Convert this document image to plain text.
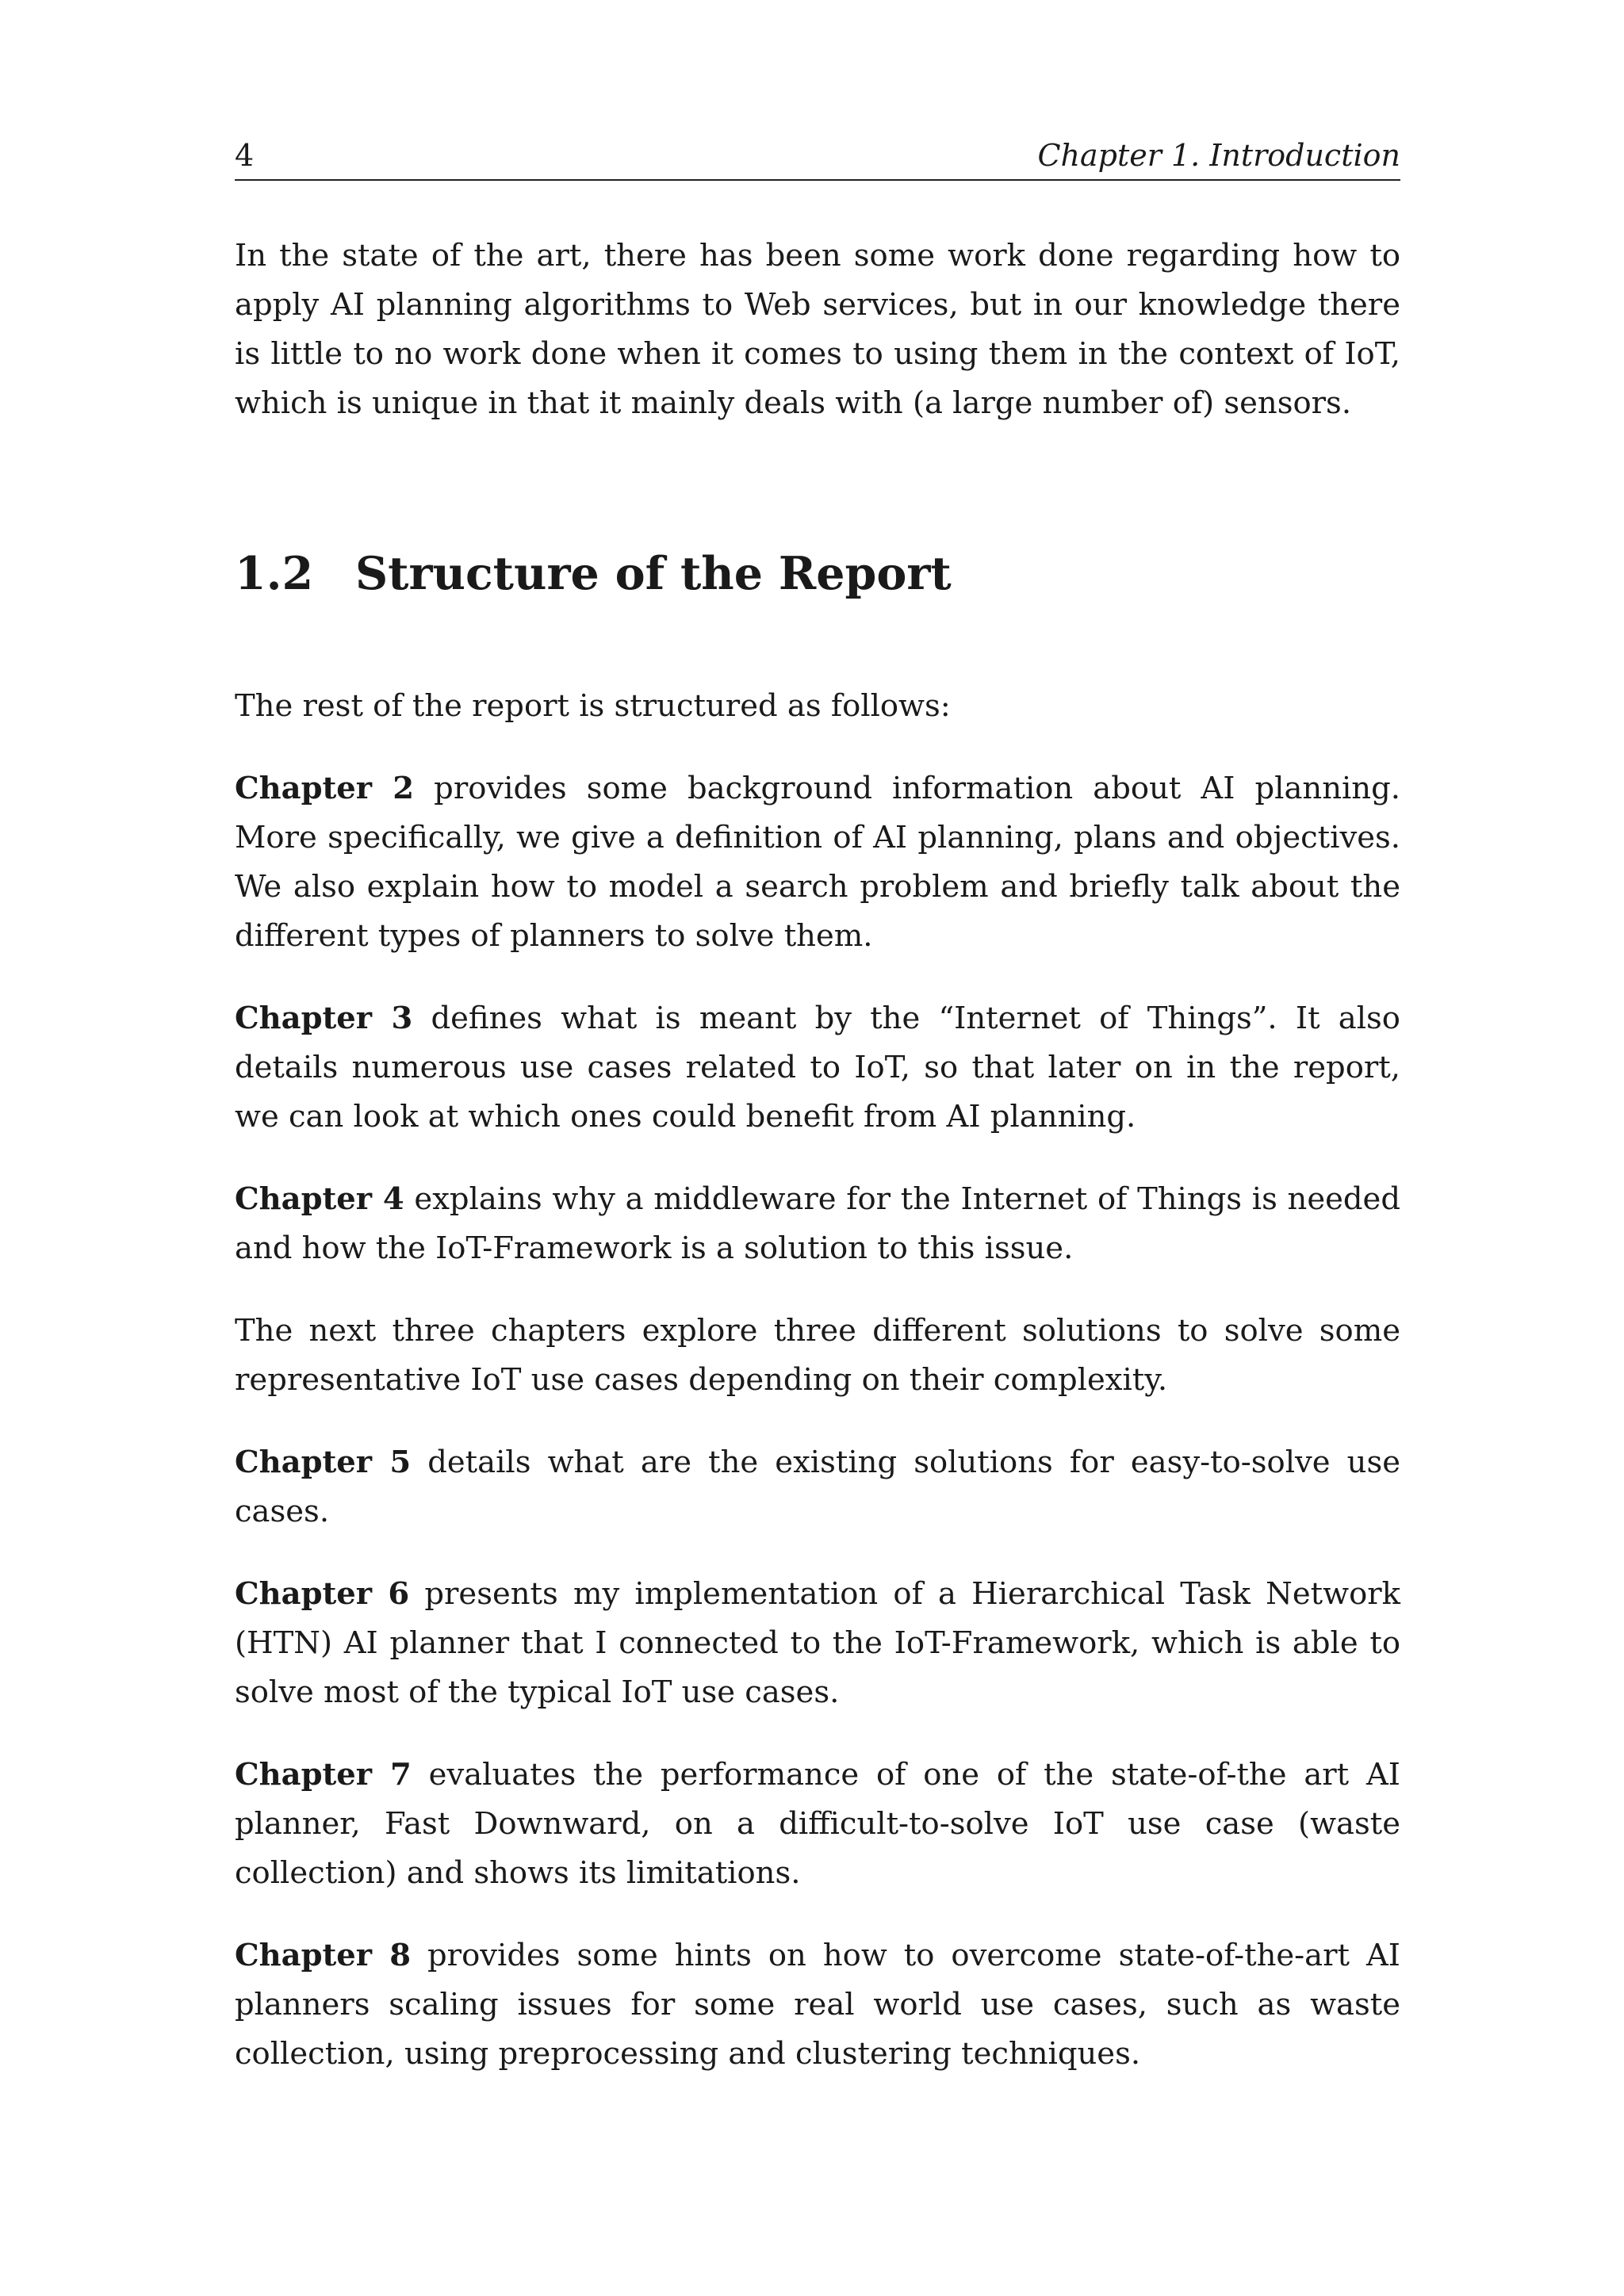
4	Chapter 1. Introduction

In the state of the art, there has been some work done regarding how to apply AI planning algorithms to Web services, but in our knowledge there is little to no work done when it comes to using them in the context of IoT, which is unique in that it mainly deals with (a large number of) sensors.

1.2 Structure of the Report

The rest of the report is structured as follows:

Chapter 2 provides some background information about AI planning. More specifically, we give a definition of AI planning, plans and objectives. We also explain how to model a search problem and briefly talk about the different types of planners to solve them.

Chapter 3 defines what is meant by the “Internet of Things”. It also details numerous use cases related to IoT, so that later on in the report, we can look at which ones could benefit from AI planning.

Chapter 4 explains why a middleware for the Internet of Things is needed and how the IoT-Framework is a solution to this issue.

The next three chapters explore three different solutions to solve some representative IoT use cases depending on their complexity.

Chapter 5 details what are the existing solutions for easy-to-solve use cases.

Chapter 6 presents my implementation of a Hierarchical Task Network (HTN) AI planner that I connected to the IoT-Framework, which is able to solve most of the typical IoT use cases.

Chapter 7 evaluates the performance of one of the state-of-the art AI planner, Fast Downward, on a difficult-to-solve IoT use case (waste collection) and shows its limitations.

Chapter 8 provides some hints on how to overcome state-of-the-art AI planners scaling issues for some real world use cases, such as waste collection, using preprocessing and clustering techniques.
